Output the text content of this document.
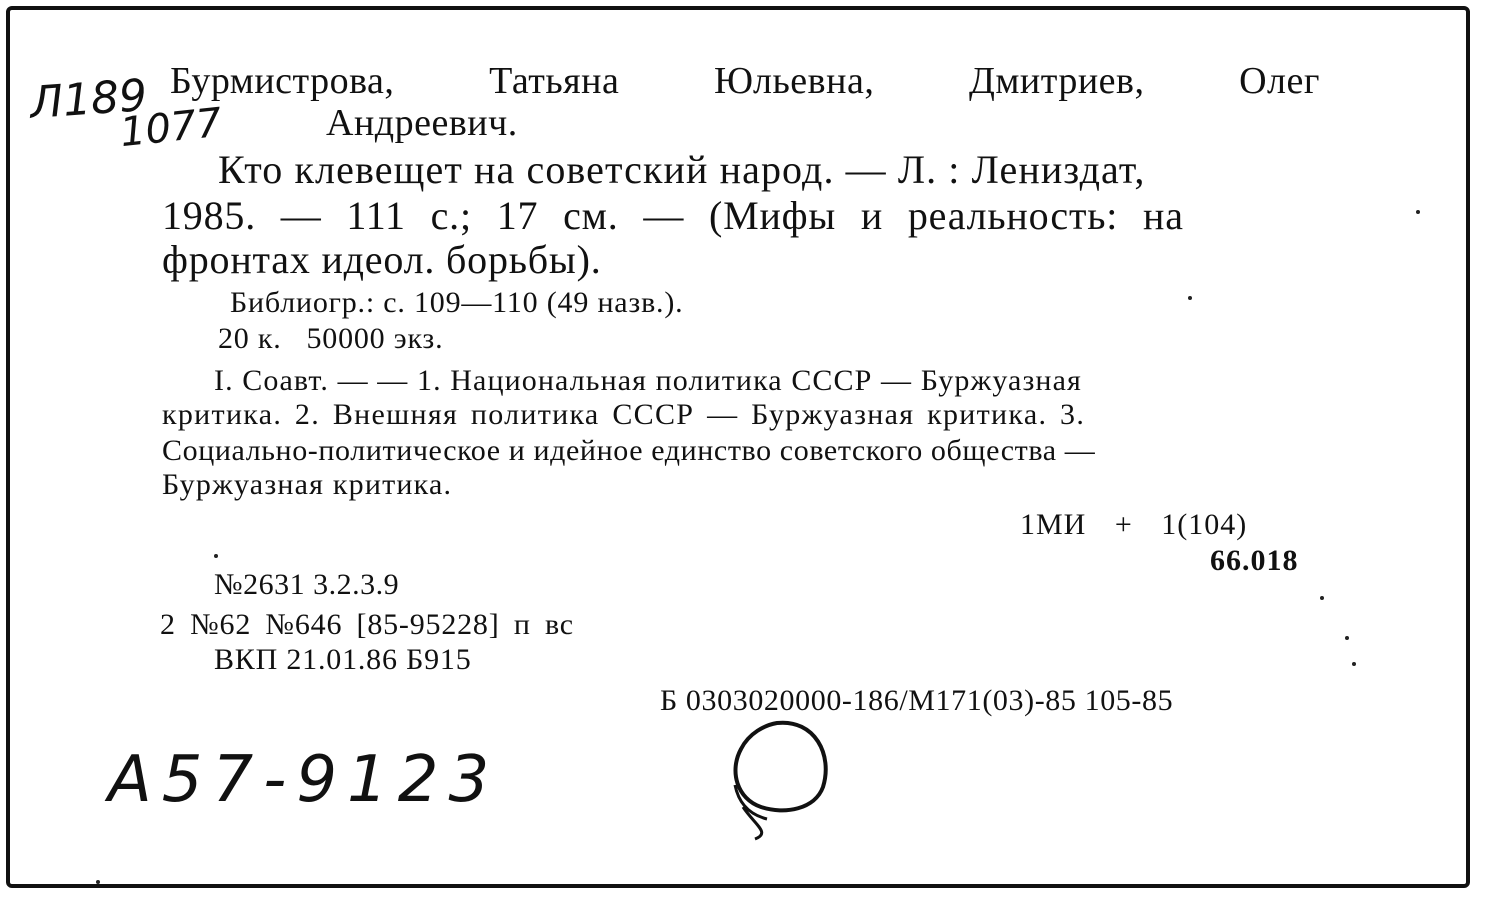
Л189
1077
Бурмистрова, Татьяна Юльевна, Дмитриев, Олег
Андреевич.
Кто клевещет на советский народ. — Л. : Лениздат,
1985. — 111 с.; 17 см. — (Мифы и реальность: на
фронтах идеол. борьбы).
Библиогр.: с. 109—110 (49 назв.).
20 к.   50000 экз.
I. Соавт. — — 1. Национальная политика СССР — Буржуазная
критика. 2. Внешняя политика СССР — Буржуазная критика. 3.
Социально-политическое и идейное единство советского общества —
Буржуазная критика.
1МИ + 1(104)
66.018
№2631 3.2.3.9
2 №62 №646 [85-95228] п вс
ВКП 21.01.86 Б915
Б 0303020000-186/М171(03)-85 105-85
А57-9123
